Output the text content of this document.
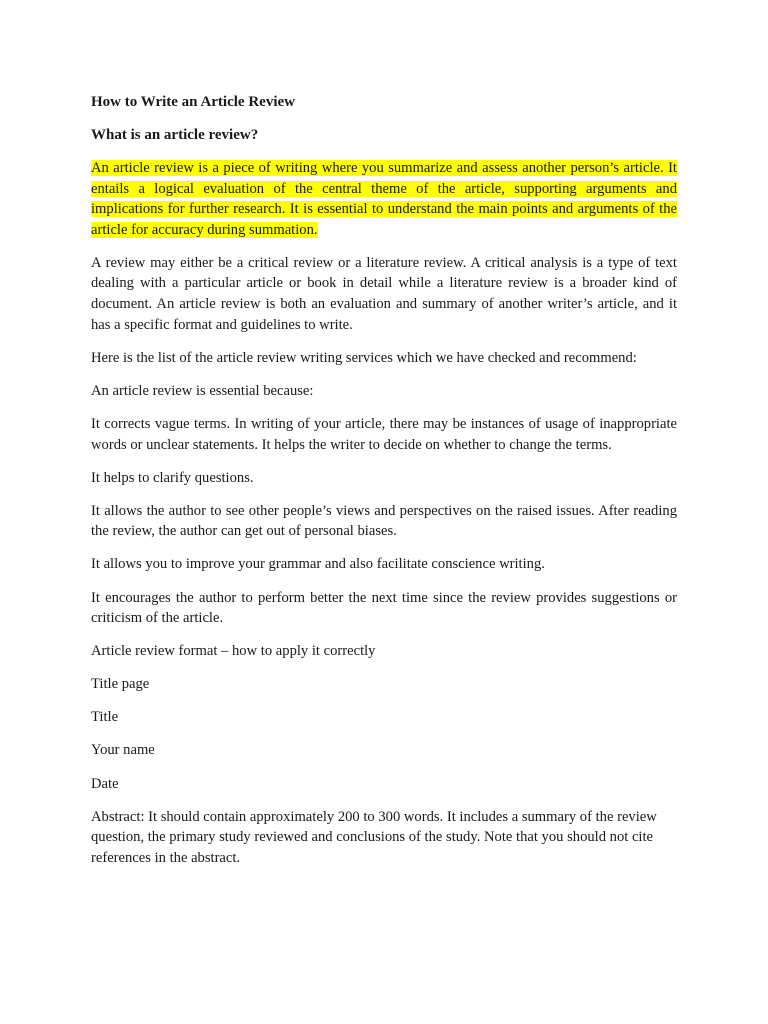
How to Write an Article Review
What is an article review?

An article review is a piece of writing where you summarize and assess another person’s article. It entails a logical evaluation of the central theme of the article, supporting arguments and implications for further research. It is essential to understand the main points and arguments of the article for accuracy during summation.

A review may either be a critical review or a literature review. A critical analysis is a type of text dealing with a particular article or book in detail while a literature review is a broader kind of document. An article review is both an evaluation and summary of another writer’s article, and it has a specific format and guidelines to write.

Here is the list of the article review writing services which we have checked and recommend:

An article review is essential because:

It corrects vague terms. In writing of your article, there may be instances of usage of inappropriate words or unclear statements. It helps the writer to decide on whether to change the terms.

It helps to clarify questions.

It allows the author to see other people’s views and perspectives on the raised issues. After reading the review, the author can get out of personal biases.

It allows you to improve your grammar and also facilitate conscience writing.

It encourages the author to perform better the next time since the review provides suggestions or criticism of the article.

Article review format – how to apply it correctly

Title page

Title

Your name

Date

Abstract: It should contain approximately 200 to 300 words. It includes a summary of the review question, the primary study reviewed and conclusions of the study. Note that you should not cite references in the abstract.
